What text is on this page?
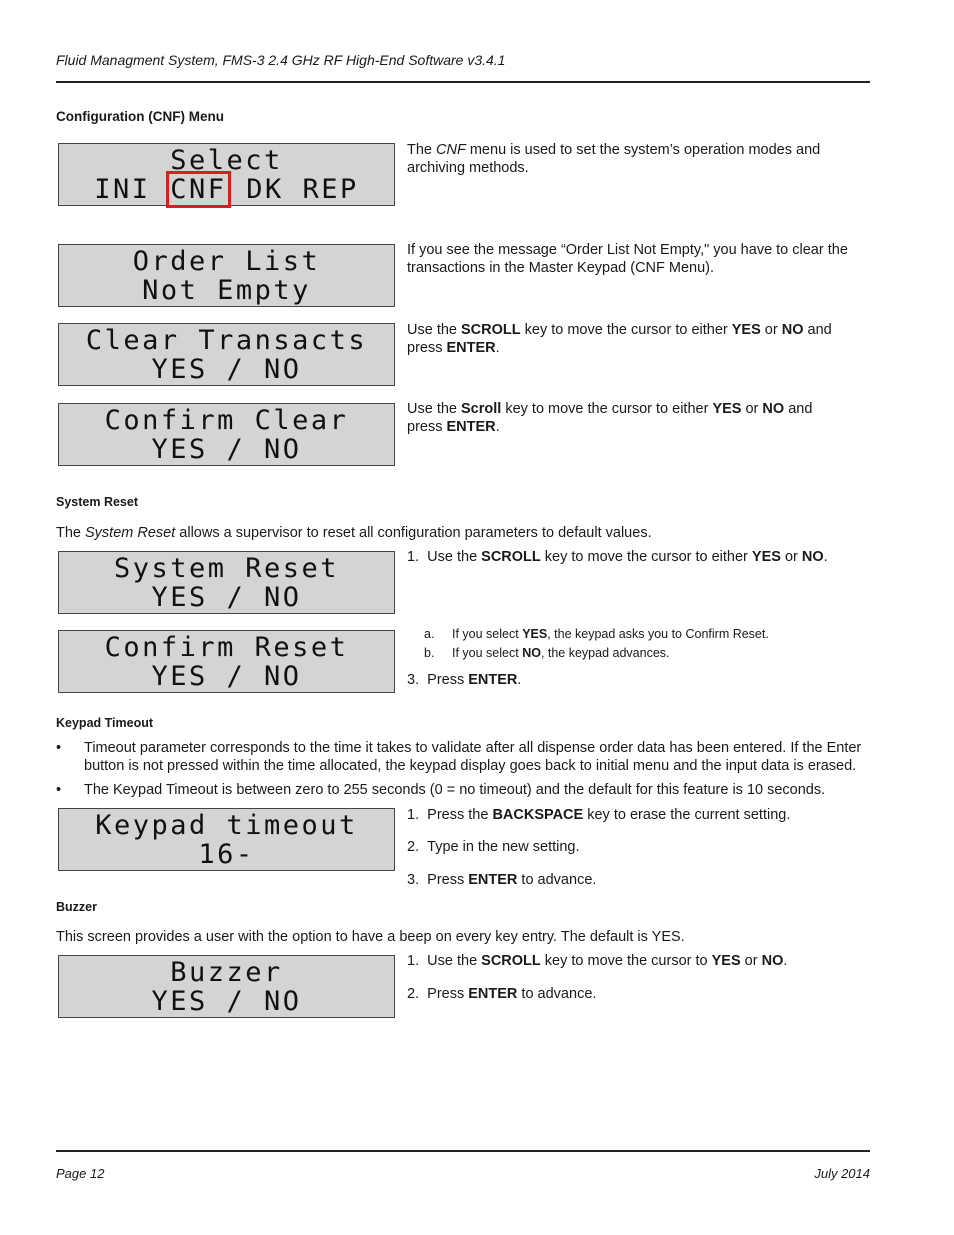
Fluid Managment System, FMS-3 2.4 GHz RF High-End Software v3.4.1
Configuration (CNF) Menu
Select
INI CNF DK REP
The CNF menu is used to set the system’s operation modes and archiving methods.
Order List
Not Empty
If you see the message “Order List Not Empty," you have to clear the transactions in the Master Keypad (CNF Menu).
Clear Transacts
YES / NO
Use the SCROLL key to move the cursor to either YES or NO and press ENTER.
Confirm Clear
YES / NO
Use the Scroll key to move the cursor to either YES or NO and press ENTER.
System Reset
The System Reset allows a supervisor to reset all configuration parameters to default values.
System Reset
YES / NO
1. Use the SCROLL key to move the cursor to either YES or NO.
Confirm Reset
YES / NO
a. If you select YES, the keypad asks you to Confirm Reset.
b. If you select NO, the keypad advances.
3. Press ENTER.
Keypad Timeout
• Timeout parameter corresponds to the time it takes to validate after all dispense order data has been entered. If the Enter button is not pressed within the time allocated, the keypad display goes back to initial menu and the input data is erased.
• The Keypad Timeout is between zero to 255 seconds (0 = no timeout) and the default for this feature is 10 seconds.
Keypad timeout
16-
1. Press the BACKSPACE key to erase the current setting.
2. Type in the new setting.
3. Press ENTER to advance.
Buzzer
This screen provides a user with the option to have a beep on every key entry. The default is YES.
Buzzer
YES / NO
1. Use the SCROLL key to move the cursor to YES or NO.
2. Press ENTER to advance.
Page 12	July 2014
